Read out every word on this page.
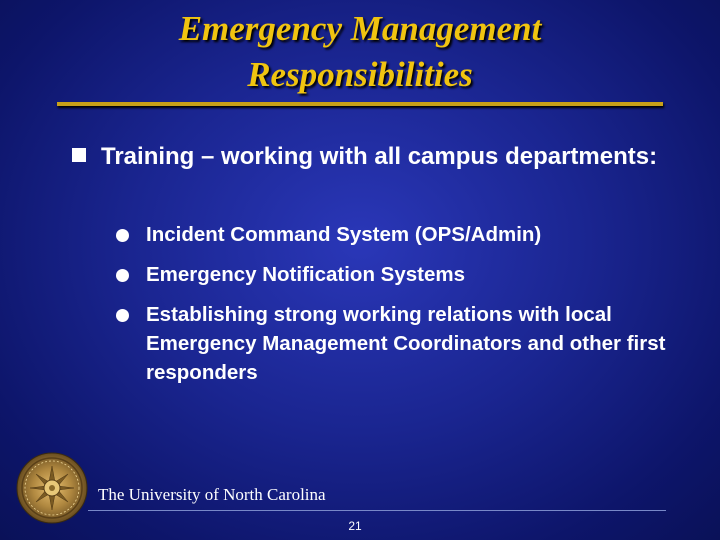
Emergency Management
Responsibilities
Training – working with all campus departments:
Incident Command System (OPS/Admin)
Emergency Notification Systems
Establishing strong working relations with local Emergency Management Coordinators and other first responders
The University of North Carolina
21
